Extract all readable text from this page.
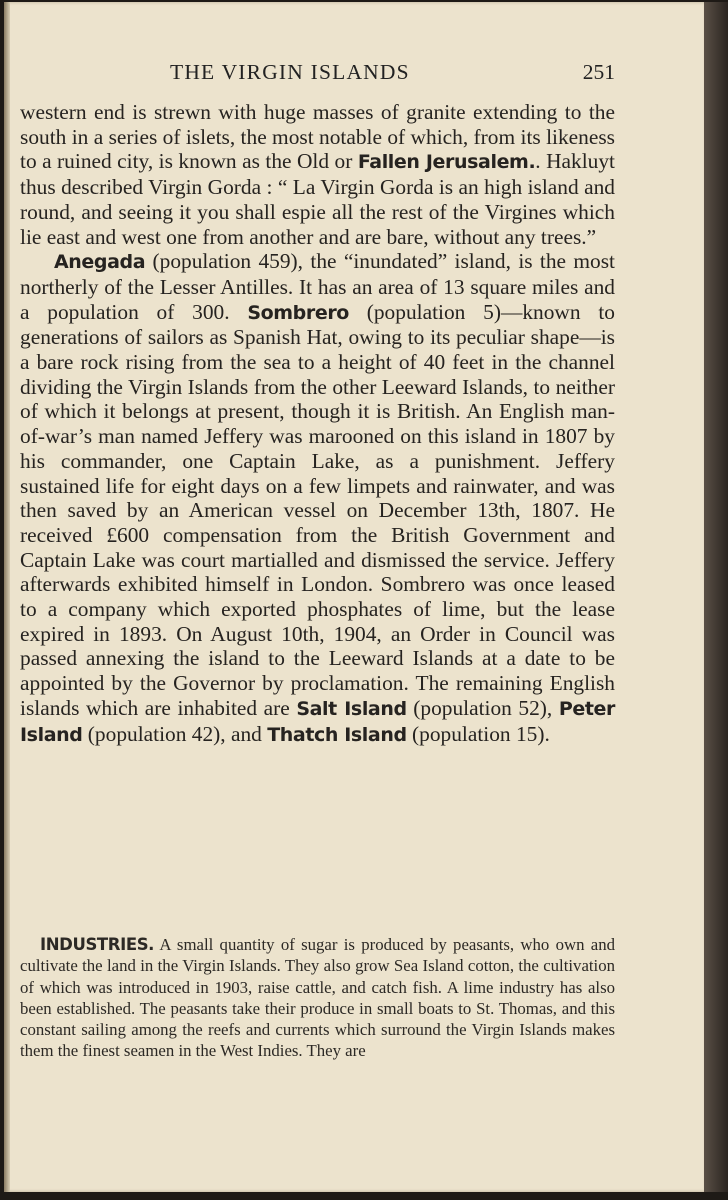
THE VIRGIN ISLANDS	251

western end is strewn with huge masses of granite extending to the south in a series of islets, the most notable of which, from its likeness to a ruined city, is known as the Old or Fallen Jerusalem.. Hakluyt thus described Virgin Gorda : “ La Virgin Gorda is an high island and round, and seeing it you shall espie all the rest of the Virgines which lie east and west one from another and are bare, without any trees.”

Anegada (population 459), the “inundated” island, is the most northerly of the Lesser Antilles. It has an area of 13 square miles and a population of 300. Sombrero (population 5)—known to generations of sailors as Spanish Hat, owing to its peculiar shape—is a bare rock rising from the sea to a height of 40 feet in the channel dividing the Virgin Islands from the other Leeward Islands, to neither of which it belongs at present, though it is British. An English man-of-war’s man named Jeffery was marooned on this island in 1807 by his commander, one Captain Lake, as a punishment. Jeffery sustained life for eight days on a few limpets and rainwater, and was then saved by an American vessel on December 13th, 1807. He received £600 compensation from the British Government and Captain Lake was court martialled and dismissed the service. Jeffery afterwards exhibited himself in London. Sombrero was once leased to a company which exported phosphates of lime, but the lease expired in 1893. On August 10th, 1904, an Order in Council was passed annexing the island to the Leeward Islands at a date to be appointed by the Governor by proclamation. The remaining English islands which are inhabited are Salt Island (population 52), Peter Island (population 42), and Thatch Island (population 15).

INDUSTRIES. A small quantity of sugar is produced by peasants, who own and cultivate the land in the Virgin Islands. They also grow Sea Island cotton, the cultivation of which was introduced in 1903, raise cattle, and catch fish. A lime industry has also been established. The peasants take their produce in small boats to St. Thomas, and this constant sailing among the reefs and currents which surround the Virgin Islands makes them the finest seamen in the West Indies. They are
